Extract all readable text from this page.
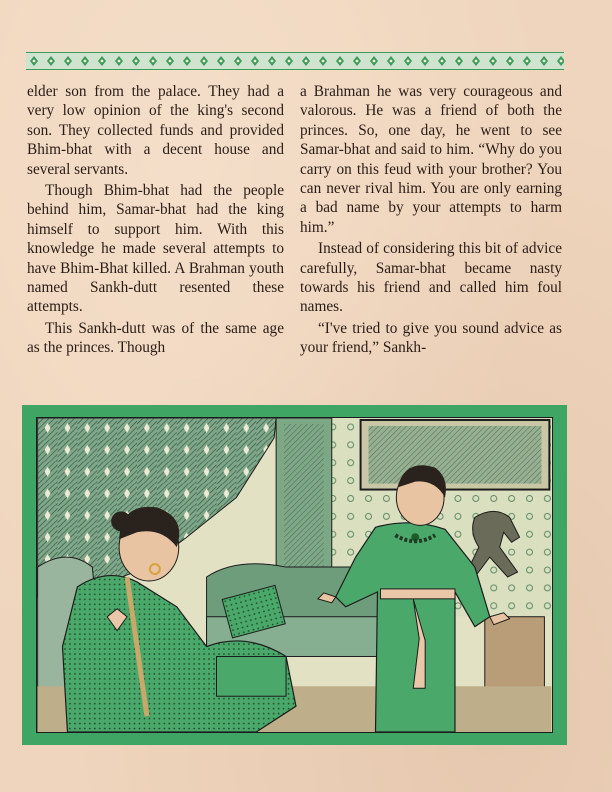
elder son from the palace. They had a very low opinion of the king's second son. They collected funds and provided Bhim-bhat with a decent house and several servants.

Though Bhim-bhat had the people behind him, Samar-bhat had the king himself to support him. With this knowledge he made several attempts to have Bhim-Bhat killed. A Brahman youth named Sankh-dutt resented these attempts.

This Sankh-dutt was of the same age as the princes. Though

a Brahman he was very courageous and valorous. He was a friend of both the princes. So, one day, he went to see Samar-bhat and said to him. “Why do you carry on this feud with your brother? You can never rival him. You are only earning a bad name by your attempts to harm him.”

Instead of considering this bit of advice carefully, Samar-bhat became nasty towards his friend and called him foul names.

“I've tried to give you sound advice as your friend,” Sankh-
